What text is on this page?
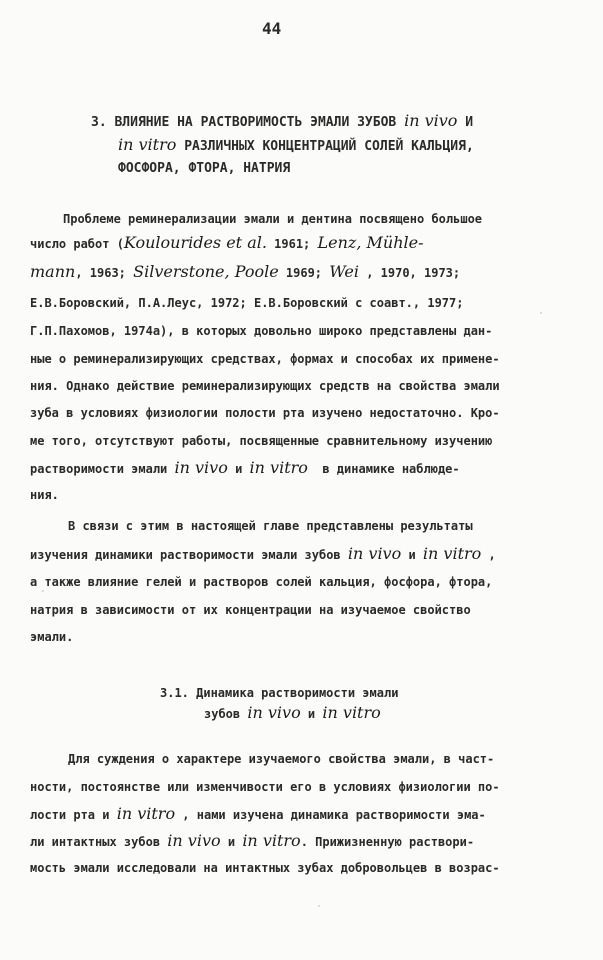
44
3. ВЛИЯНИЕ НА РАСТВОРИМОСТЬ ЭМАЛИ ЗУБОВ in vivo И
in vitro РАЗЛИЧНЫХ КОНЦЕНТРАЦИЙ СОЛЕЙ КАЛЬЦИЯ,
ФОСФОРА, ФТОРА, НАТРИЯ
Проблеме реминерализации эмали и дентина посвящено большое
число работ (Koulourides et al. 1961; Lenz, Mühle-
mann, 1963; Silverstone, Poole 1969; Wei , 1970, 1973;
Е.В.Боровский, П.А.Леус, 1972; Е.В.Боровский с соавт., 1977;
Г.П.Пахомов, 1974а), в которых довольно широко представлены дан-
ные о реминерализирующих средствах, формах и способах их примене-
ния. Однако действие реминерализирующих средств на свойства эмали
зуба в условиях физиологии полости рта изучено недостаточно. Кро-
ме того, отсутствуют работы, посвященные сравнительному изучению
растворимости эмали in vivo и in vitro  в динамике наблюде-
ния.
В связи с этим в настоящей главе представлены результаты
изучения динамики растворимости эмали зубов in vivo и in vitro ,
а также влияние гелей и растворов солей кальция, фосфора, фтора,
натрия в зависимости от их концентрации на изучаемое свойство
эмали.
3.1. Динамика растворимости эмали
зубов in vivo и in vitro
Для суждения о характере изучаемого свойства эмали, в част-
ности, постоянстве или изменчивости его в условиях физиологии по-
лости рта и in vitro , нами изучена динамика растворимости эма-
ли интактных зубов in vivo и in vitro. Прижизненную раствори-
мость эмали исследовали на интактных зубах добровольцев в возрас-
